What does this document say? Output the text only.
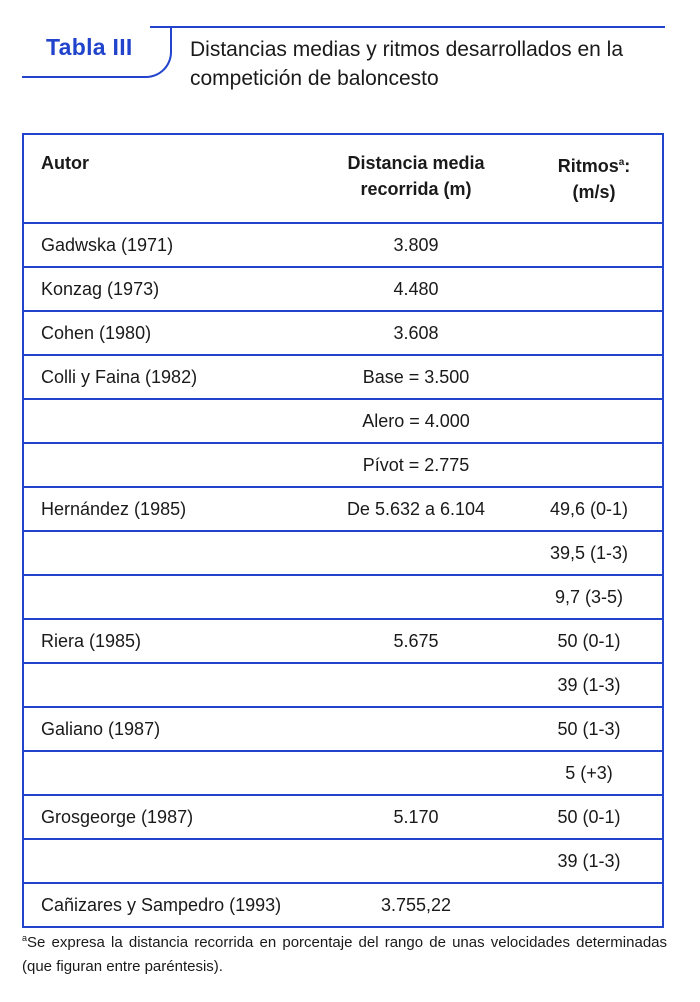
Tabla III	Distancias medias y ritmos desarrollados en la competición de baloncesto
Autor	Distancia media recorrida (m)	Ritmos$^a$:
(m/s)
Gadwska (1971)	3.809	
Konzag (1973)	4.480	
Cohen (1980)	3.608	
Colli y Faina (1982)	Base = 3.500	
	Alero = 4.000	
	Pívot = 2.775	
Hernández (1985)	De 5.632 a 6.104	49,6 (0-1)
		39,5 (1-3)
		9,7 (3-5)
Riera (1985)	5.675	50 (0-1)
		39 (1-3)
Galiano (1987)		50 (1-3)
		5 (+3)
Grosgeorge (1987)	5.170	50 (0-1)
		39 (1-3)
Cañizares y Sampedro (1993)	3.755,22	
$^a$Se expresa la distancia recorrida en porcentaje del rango de unas velocidades determinadas (que figuran entre paréntesis).
